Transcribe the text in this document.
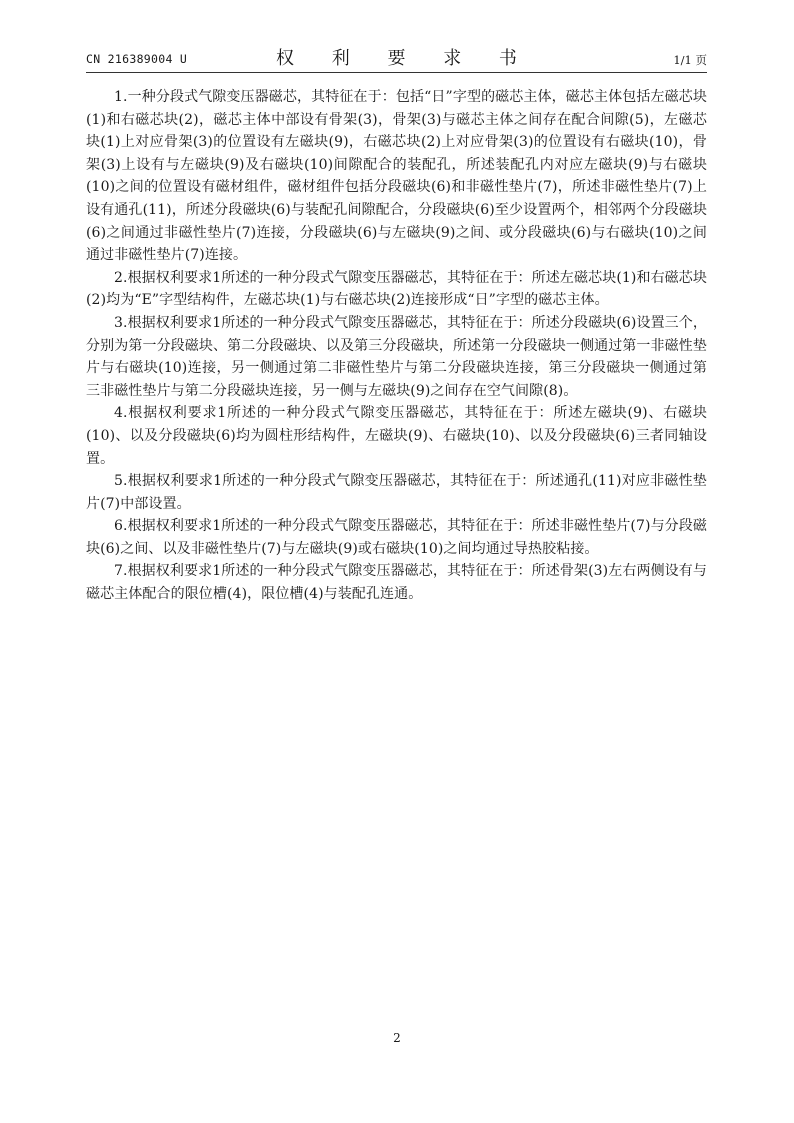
CN 216389004 U	权 利 要 求 书	1/1 页

1.一种分段式气隙变压器磁芯，其特征在于：包括“日”字型的磁芯主体，磁芯主体包括左磁芯块(1)和右磁芯块(2)，磁芯主体中部设有骨架(3)，骨架(3)与磁芯主体之间存在配合间隙(5)，左磁芯块(1)上对应骨架(3)的位置设有左磁块(9)，右磁芯块(2)上对应骨架(3)的位置设有右磁块(10)，骨架(3)上设有与左磁块(9)及右磁块(10)间隙配合的装配孔，所述装配孔内对应左磁块(9)与右磁块(10)之间的位置设有磁材组件，磁材组件包括分段磁块(6)和非磁性垫片(7)，所述非磁性垫片(7)上设有通孔(11)，所述分段磁块(6)与装配孔间隙配合，分段磁块(6)至少设置两个，相邻两个分段磁块(6)之间通过非磁性垫片(7)连接，分段磁块(6)与左磁块(9)之间、或分段磁块(6)与右磁块(10)之间通过非磁性垫片(7)连接。

2.根据权利要求1所述的一种分段式气隙变压器磁芯，其特征在于：所述左磁芯块(1)和右磁芯块(2)均为“E”字型结构件，左磁芯块(1)与右磁芯块(2)连接形成“日”字型的磁芯主体。

3.根据权利要求1所述的一种分段式气隙变压器磁芯，其特征在于：所述分段磁块(6)设置三个，分别为第一分段磁块、第二分段磁块、以及第三分段磁块，所述第一分段磁块一侧通过第一非磁性垫片与右磁块(10)连接，另一侧通过第二非磁性垫片与第二分段磁块连接，第三分段磁块一侧通过第三非磁性垫片与第二分段磁块连接，另一侧与左磁块(9)之间存在空气间隙(8)。

4.根据权利要求1所述的一种分段式气隙变压器磁芯，其特征在于：所述左磁块(9)、右磁块(10)、以及分段磁块(6)均为圆柱形结构件，左磁块(9)、右磁块(10)、以及分段磁块(6)三者同轴设置。

5.根据权利要求1所述的一种分段式气隙变压器磁芯，其特征在于：所述通孔(11)对应非磁性垫片(7)中部设置。

6.根据权利要求1所述的一种分段式气隙变压器磁芯，其特征在于：所述非磁性垫片(7)与分段磁块(6)之间、以及非磁性垫片(7)与左磁块(9)或右磁块(10)之间均通过导热胶粘接。

7.根据权利要求1所述的一种分段式气隙变压器磁芯，其特征在于：所述骨架(3)左右两侧设有与磁芯主体配合的限位槽(4)，限位槽(4)与装配孔连通。

2
